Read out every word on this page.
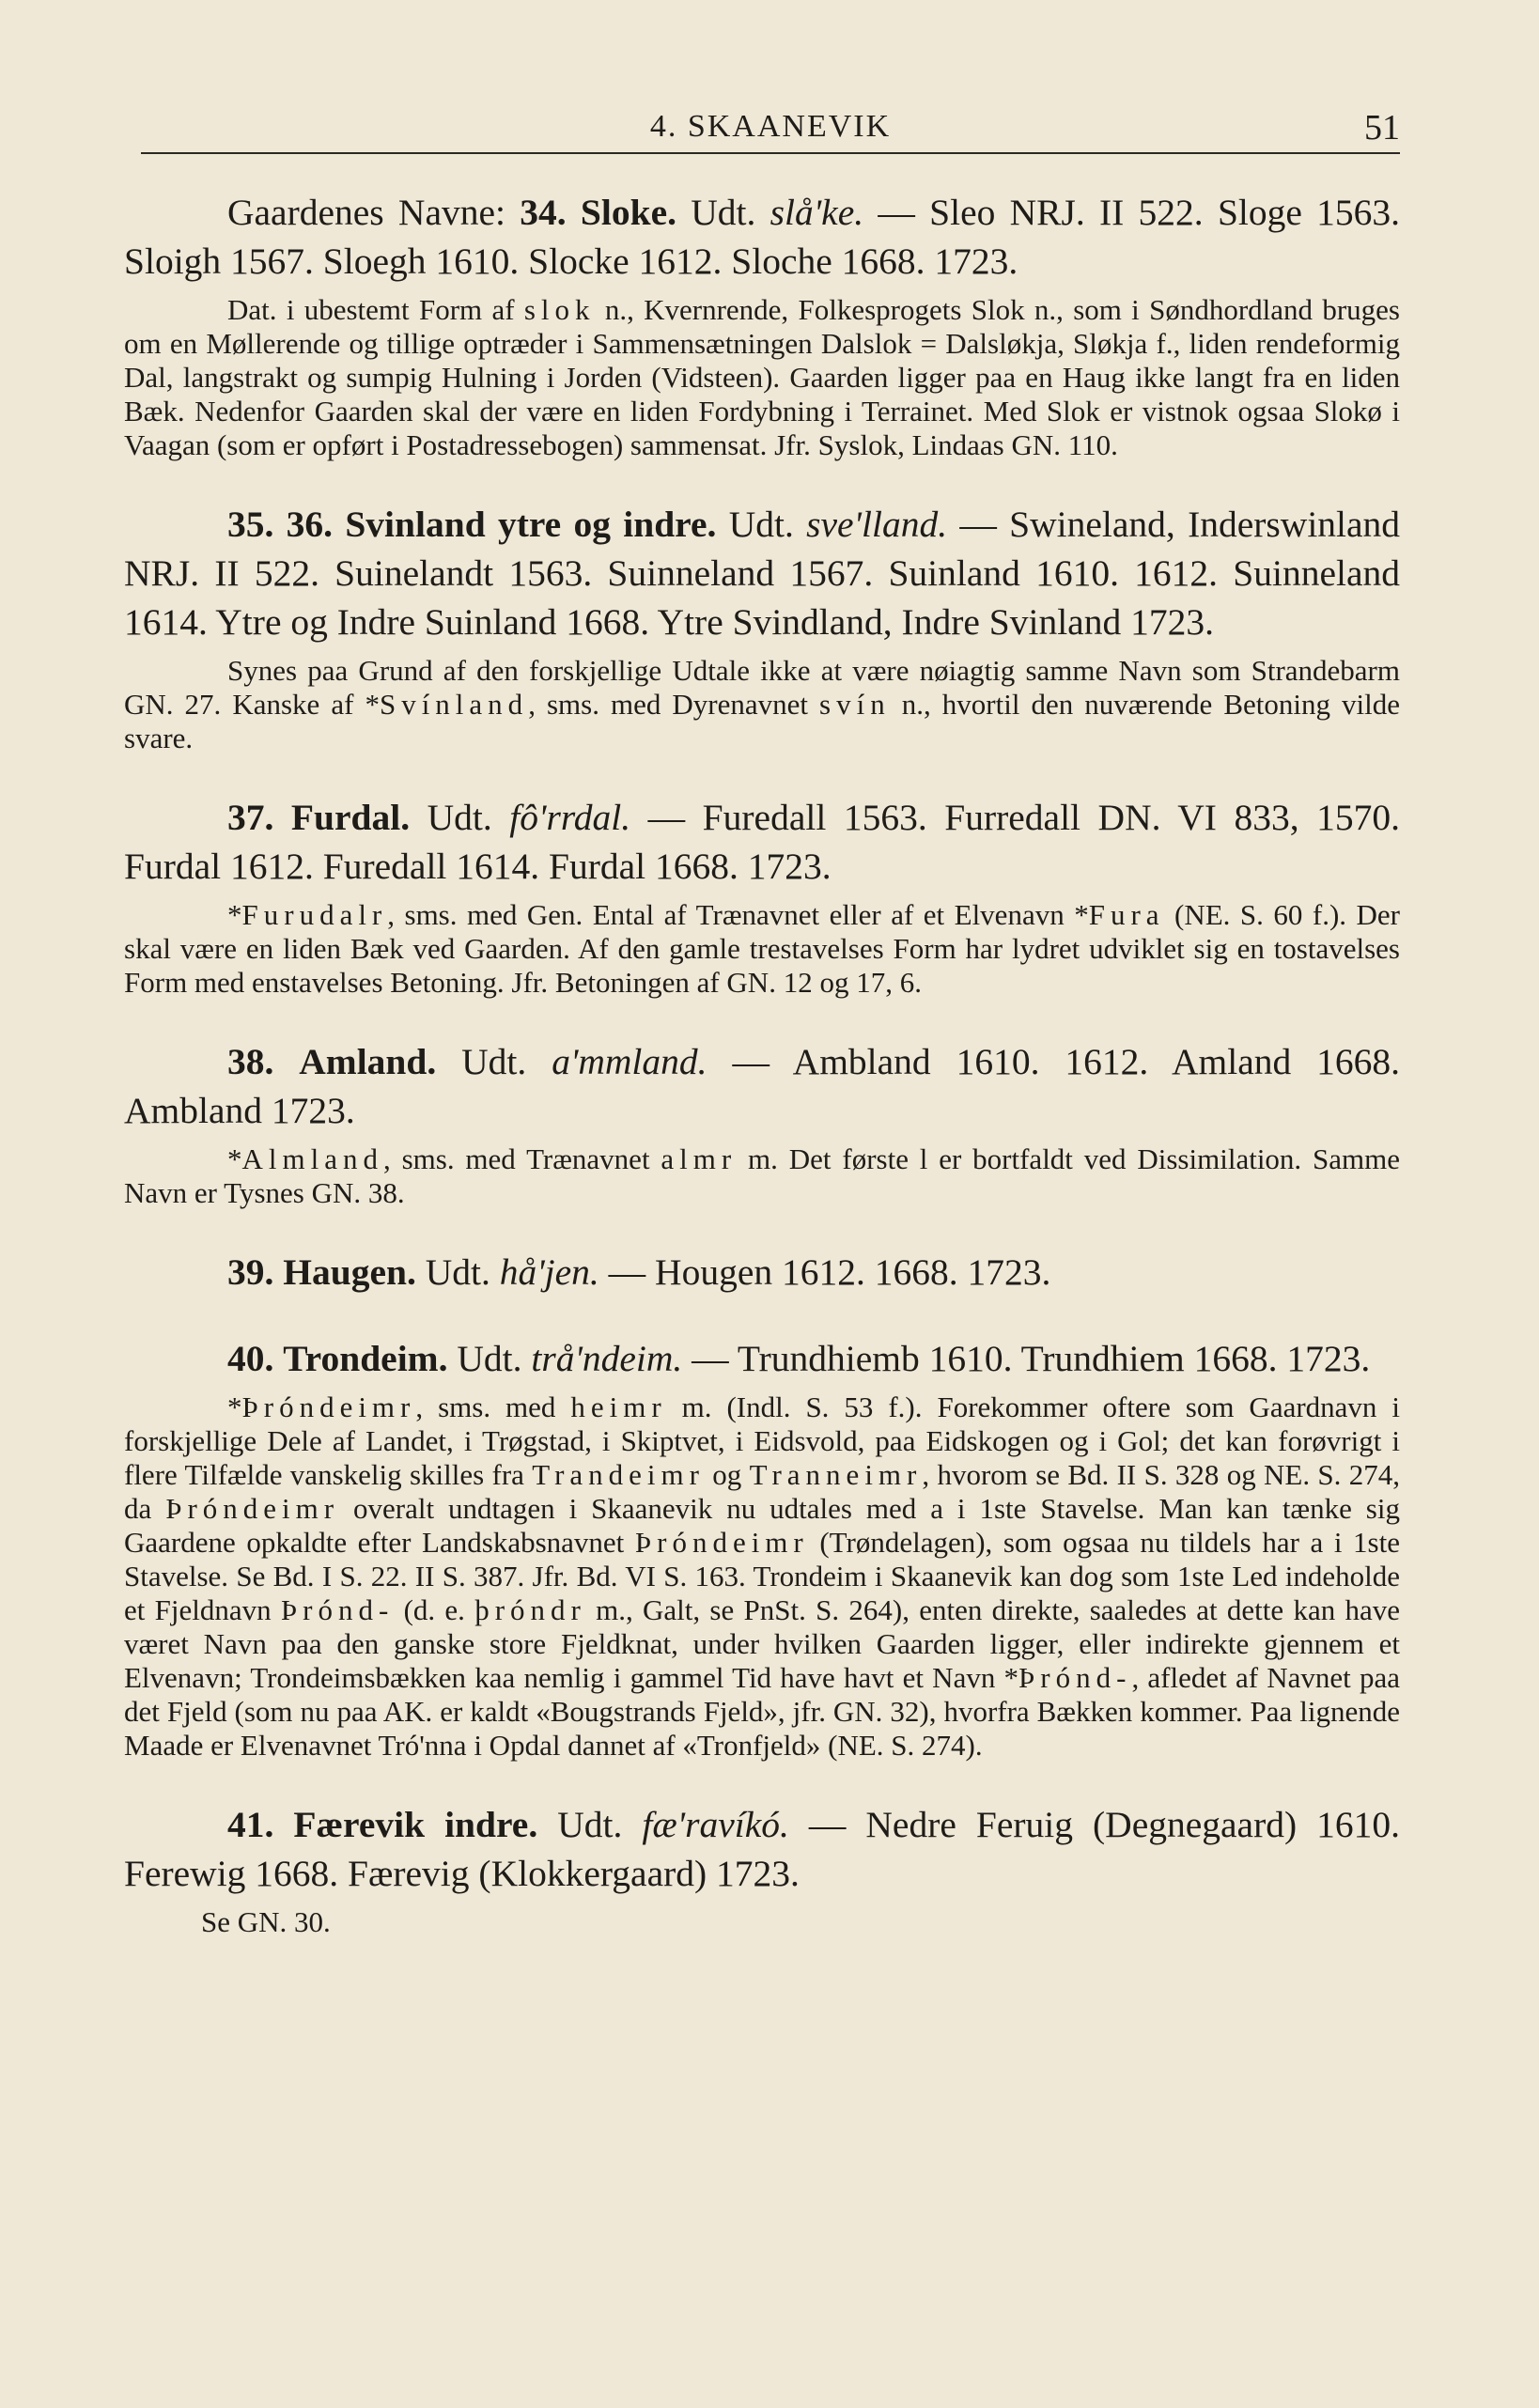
4. SKAANEVIK	51

Gaardenes Navne: 34. Sloke. Udt. slå'ke. — Sleo NRJ. II 522. Sloge 1563. Sloigh 1567. Sloegh 1610. Slocke 1612. Sloche 1668. 1723.

Dat. i ubestemt Form af slok n., Kvernrende, Folkesprogets Slok n., som i Søndhordland bruges om en Møllerende og tillige optræder i Sammensætningen Dalslok = Dalsløkja, Sløkja f., liden rendeformig Dal, langstrakt og sumpig Hulning i Jorden (Vidsteen). Gaarden ligger paa en Haug ikke langt fra en liden Bæk. Nedenfor Gaarden skal der være en liden Fordybning i Terrainet. Med Slok er vistnok ogsaa Slokø i Vaagan (som er opført i Postadressebogen) sammensat. Jfr. Syslok, Lindaas GN. 110.

35. 36. Svinland ytre og indre. Udt. sve'lland. — Swineland, Inderswinland NRJ. II 522. Suinelandt 1563. Suinneland 1567. Suinland 1610. 1612. Suinneland 1614. Ytre og Indre Suinland 1668. Ytre Svindland, Indre Svinland 1723.

Synes paa Grund af den forskjellige Udtale ikke at være nøiagtig samme Navn som Strandebarm GN. 27. Kanske af *Svínland, sms. med Dyrenavnet svín n., hvortil den nuværende Betoning vilde svare.

37. Furdal. Udt. fô'rrdal. — Furedall 1563. Furredall DN. VI 833, 1570. Furdal 1612. Furedall 1614. Furdal 1668. 1723.

*Furudalr, sms. med Gen. Ental af Trænavnet eller af et Elvenavn *Fura (NE. S. 60 f.). Der skal være en liden Bæk ved Gaarden. Af den gamle trestavelses Form har lydret udviklet sig en tostavelses Form med enstavelses Betoning. Jfr. Betoningen af GN. 12 og 17, 6.

38. Amland. Udt. a'mmland. — Ambland 1610. 1612. Amland 1668. Ambland 1723.

*Almland, sms. med Trænavnet almr m. Det første l er bortfaldt ved Dissimilation. Samme Navn er Tysnes GN. 38.

39. Haugen. Udt. hå'jen. — Hougen 1612. 1668. 1723.

40. Trondeim. Udt. trå'ndeim. — Trundhiemb 1610. Trundhiem 1668. 1723.

*Þróndeimr, sms. med heimr m. (Indl. S. 53 f.). Forekommer oftere som Gaardnavn i forskjellige Dele af Landet, i Trøgstad, i Skiptvet, i Eidsvold, paa Eidskogen og i Gol; det kan forøvrigt i flere Tilfælde vanskelig skilles fra Trandeimr og Tranneimr, hvorom se Bd. II S. 328 og NE. S. 274, da Þróndeimr overalt undtagen i Skaanevik nu udtales med a i 1ste Stavelse. Man kan tænke sig Gaardene opkaldte efter Landskabsnavnet Þróndeimr (Trøndelagen), som ogsaa nu tildels har a i 1ste Stavelse. Se Bd. I S. 22. II S. 387. Jfr. Bd. VI S. 163. Trondeim i Skaanevik kan dog som 1ste Led indeholde et Fjeldnavn Þrónd- (d. e. þróndr m., Galt, se PnSt. S. 264), enten direkte, saaledes at dette kan have været Navn paa den ganske store Fjeldknat, under hvilken Gaarden ligger, eller indirekte gjennem et Elvenavn; Trondeimsbækken kaa nemlig i gammel Tid have havt et Navn *Þrónd-, afledet af Navnet paa det Fjeld (som nu paa AK. er kaldt «Bougstrands Fjeld», jfr. GN. 32), hvorfra Bækken kommer. Paa lignende Maade er Elvenavnet Tró'nna i Opdal dannet af «Tronfjeld» (NE. S. 274).

41. Færevik indre. Udt. fæ'ravíkó. — Nedre Feruig (Degnegaard) 1610. Ferewig 1668. Færevig (Klokkergaard) 1723.

Se GN. 30.
